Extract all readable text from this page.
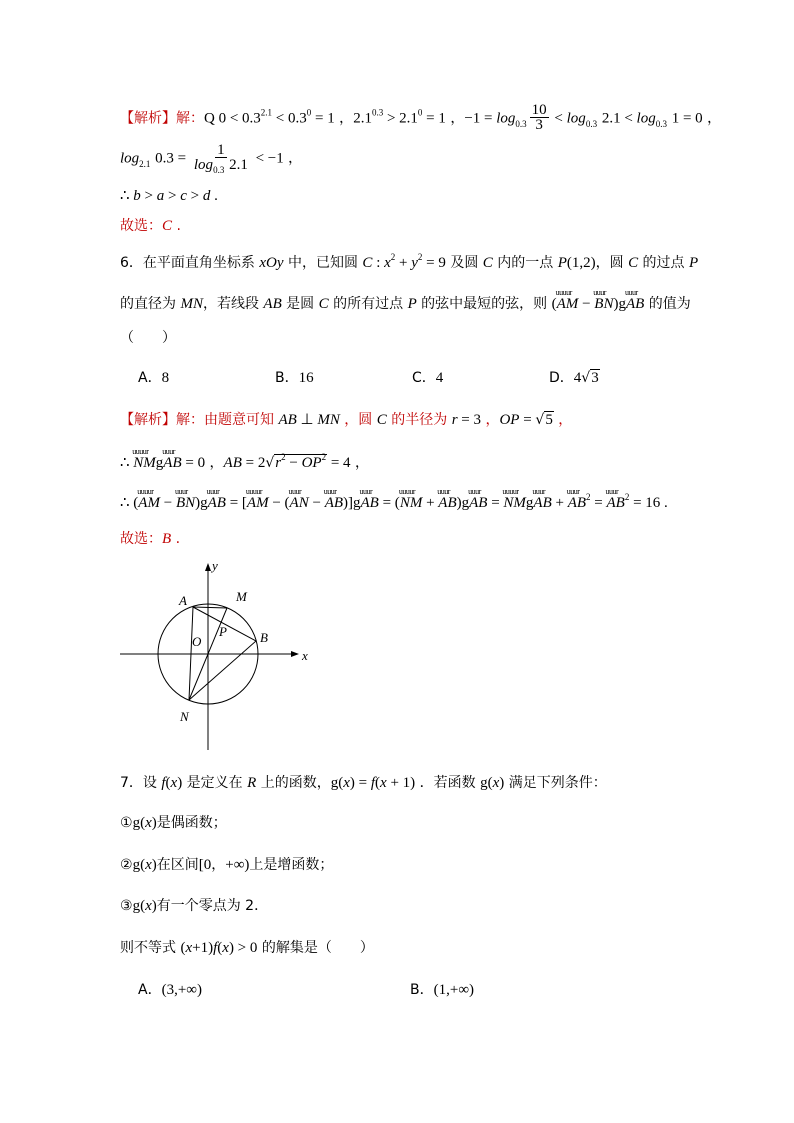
【解析】解：Q $0 < 0.3^{2.1} < 0.3^0 = 1$ ，$2.1^{0.3} > 2.1^0 = 1$ ，$-1 = \log_{0.3} \frac{10}{3} < \log_{0.3} 2.1 < \log_{0.3} 1 = 0$ ，
$\log_{2.1} 0.3 = \frac{1}{\log_{0.3} 2.1} < -1$ ，
∴ b > a > c > d .
故选：C .
6．在平面直角坐标系 xOy 中，已知圆 C : $x^2 + y^2 = 9$ 及圆 C 内的一点 P(1,2)，圆 C 的过点 P
的直径为 MN，若线段 AB 是圆 C 的所有过点 P 的弦中最短的弦，则 (
uuuur
AM −
uuur
BN)g
uuur
AB 的值为
（　　）
A．8	B．16	C．4	D．4 √ 3
【解析】解：由题意可知 AB ⊥ MN ，圆 C 的半径为 r = 3 ，OP = √ 5 ，
∴
uuuur
NMg
uuur
AB = 0 ，AB = 2 √ $r^2 - OP^2 = 4$ ，
∴ (
uuuur
AM −
uuur
BN)g
uuur
AB = [
uuuur
AM − (
uuur
AN −
uuur
AB)]g
uuur
AB = (
uuuur
NM +
uuur
AB)g
uuur
AB =
uuuur
NMg
uuur
AB +
uuur
$AB^2$ =
uuur
$AB^2 = 16$ .
故选：B .
y
x
O
A	M
P	B
N
7．设 f(x) 是定义在 R 上的函数，g(x) = f(x + 1) ．若函数 g(x) 满足下列条件：
①g(x)是偶函数；
②g(x)在区间[0，+∞)上是增函数；
③g(x)有一个零点为 2．
则不等式 (x+1)f(x) > 0 的解集是（　　）
A．(3,+∞)	B．(1,+∞)
